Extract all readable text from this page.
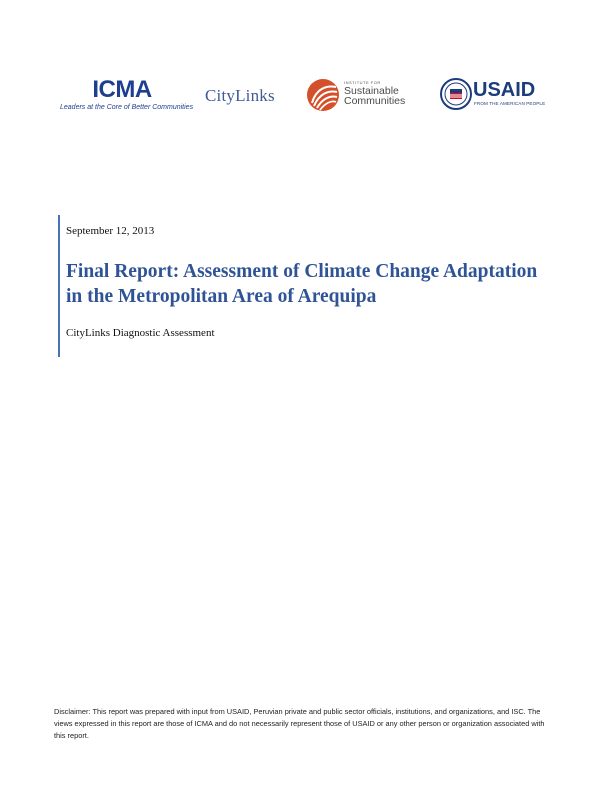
ICMA
Leaders at the Core of Better Communities
CityLinks
INSTITUTE FOR
Sustainable
Communities	USAID
FROM THE AMERICAN PEOPLE
September 12, 2013
Final Report: Assessment of Climate Change Adaptation in the Metropolitan Area of Arequipa
CityLinks Diagnostic Assessment
Disclaimer: This report was prepared with input from USAID, Peruvian private and public sector officials, institutions, and organizations, and ISC. The views expressed in this report are those of ICMA and do not necessarily represent those of USAID or any other person or organization associated with this report.
